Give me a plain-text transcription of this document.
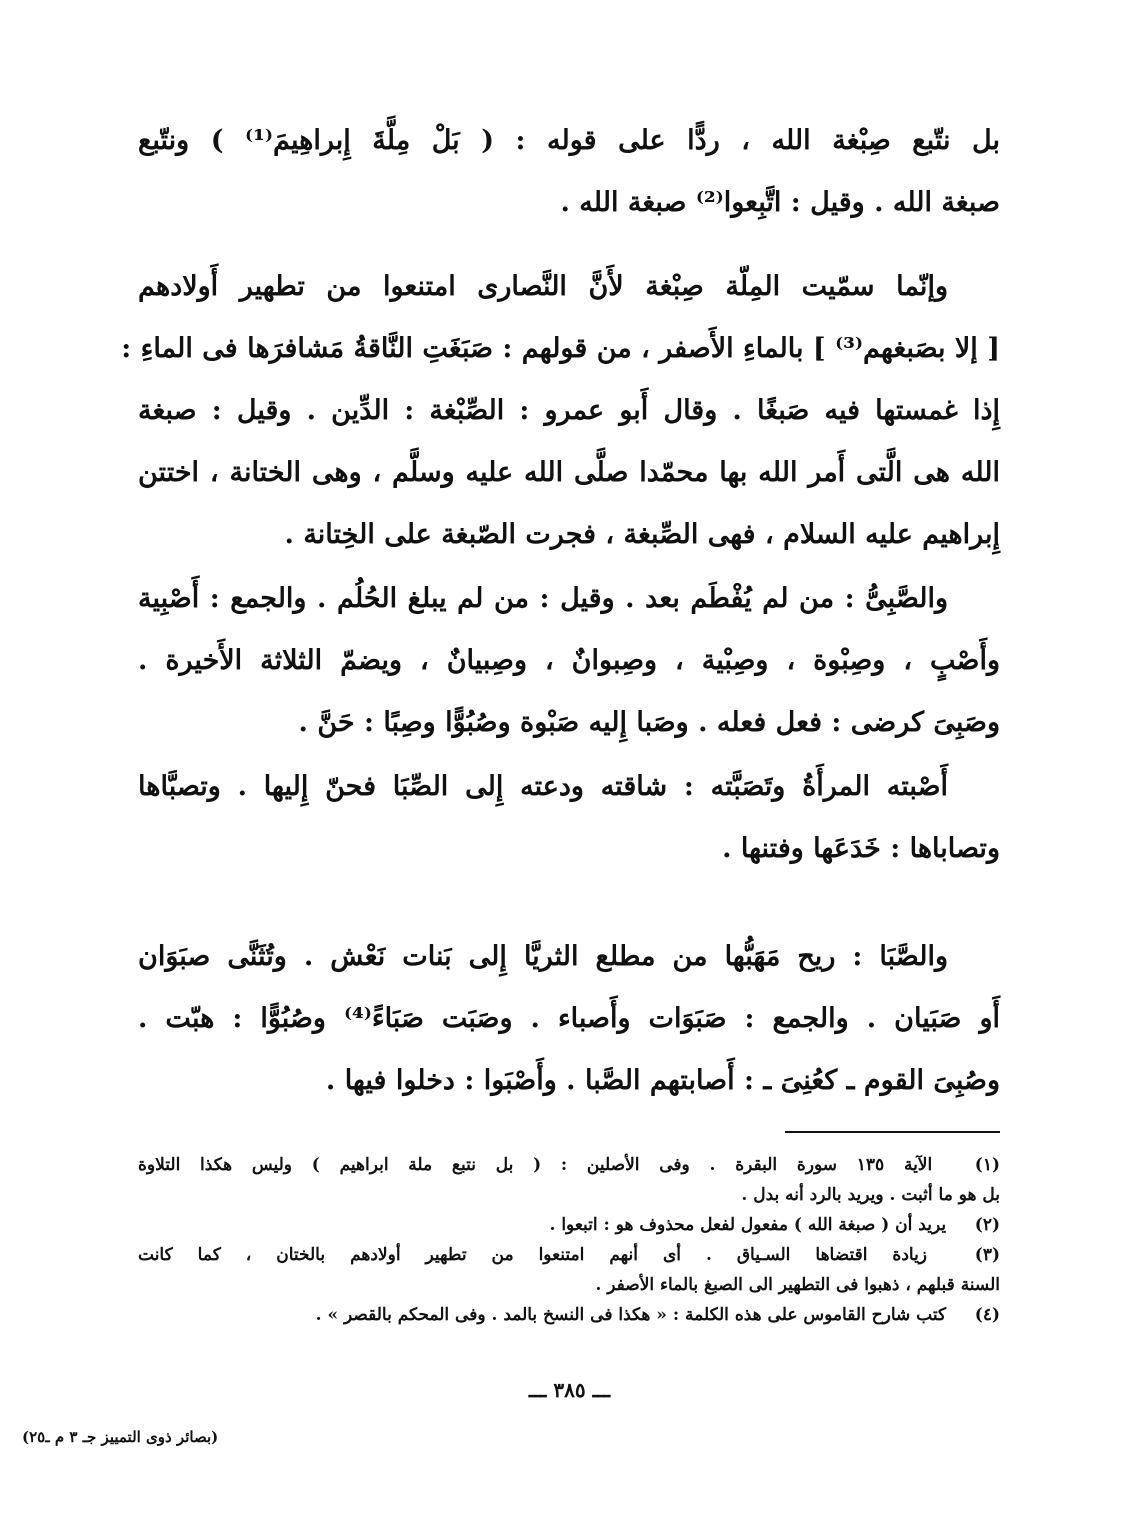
بل نتّبع صِبْغة الله ، ردًّا على قوله : ( بَلْ مِلَّةَ إِبراهِيمَ⁽¹⁾ ) ونتّبع
صبغة الله . وقيل : اتَّبِعوا⁽²⁾ صبغة الله .
وإنّما سمّيت المِلّة صِبْغة لأَنَّ النَّصارى امتنعوا من تطهير أَولادهم
[ إلا بصَبغهم⁽³⁾ ] بالماءِ الأَصفر ، من قولهم : صَبَغَتِ النَّاقةُ مَشافرَها فى الماءِ :
إِذا غمستها فيه صَبغًا . وقال أَبو عمرو : الصِّبْغة : الدِّين . وقيل : صبغة
الله هى الَّتى أَمر الله بها محمّدا صلَّى الله عليه وسلَّم ، وهى الختانة ، اختتن
إِبراهيم عليه السلام ، فهى الصِّبغة ، فجرت الصّبغة على الخِتانة .
والصَّبِىُّ : من لم يُفْطَم بعد . وقيل : من لم يبلغ الحُلُم . والجمع : أَصْبِية
وأَصْبٍ ، وصِبْوة ، وصِبْية ، وصِبوانٌ ، وصِبيانٌ ، ويضمّ الثلاثة الأَخيرة .
وصَبِىَ كرضى : فعل فعله . وصَبا إِليه صَبْوة وصُبُوًّا وصِبًا : حَنَّ .
أَصْبته المرأَةُ وتَصَبَّته : شاقته ودعته إِلى الصِّبَا فحنّ إِليها . وتصبَّاها
وتصاباها : خَدَعَها وفتنها .
والصَّبَا : ريح مَهَبُّها من مطلع الثريَّا إِلى بَنات نَعْش . وتُثَنَّى صبَوَان
أَو صَبَيان . والجمع : صَبَوَات وأَصباء . وصَبَت صَبَاءً⁽⁴⁾ وصُبُوًّا : هبّت .
وصُبِىَ القوم ـ كعُنِىَ ـ : أَصابتهم الصَّبا . وأَصْبَوا : دخلوا فيها .
(١) الآية ١٣٥ سورة البقرة . وفى الأصلين : ( بل نتبع ملة ابراهيم ) وليس هكذا التلاوة
بل هو ما أثبت . ويريد بالرد أنه بدل .
(٢) يريد أن ( صبغة الله ) مفعول لفعل محذوف هو : اتبعوا .
(٣) زيادة اقتضاها السـياق . أى أنهم امتنعوا من تطهير أولادهم بالختان ، كما كانت
السنة قبلهم ، ذهبوا فى التطهير الى الصبغ بالماء الأصفر .
(٤) كتب شارح القاموس على هذه الكلمة : « هكذا فى النسخ بالمد . وفى المحكم بالقصر » .
ـــ ٣٨٥ ـــ
(بصائر ذوى التمييز جـ ٣ م ـ٢٥)
